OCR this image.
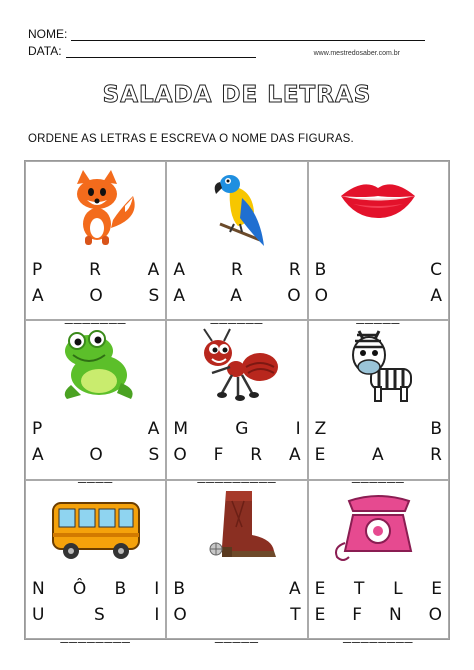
NOME:
DATA:	www.mestredosaber.com.br
SALADA DE LETRAS
ORDENE AS LETRAS E ESCREVA O NOME DAS FIGURAS.
P	R	A
A	O	S
_______
A	R	R
A	A	O
______
B	C
O	A
_____
P	A
A	O	S
____
M	G	I
O F R A
_________
Z	B
E	A	R
______
N Ô B I
U	S	I
________
B	A
O	T
_____
E T L E
E F N O
________
